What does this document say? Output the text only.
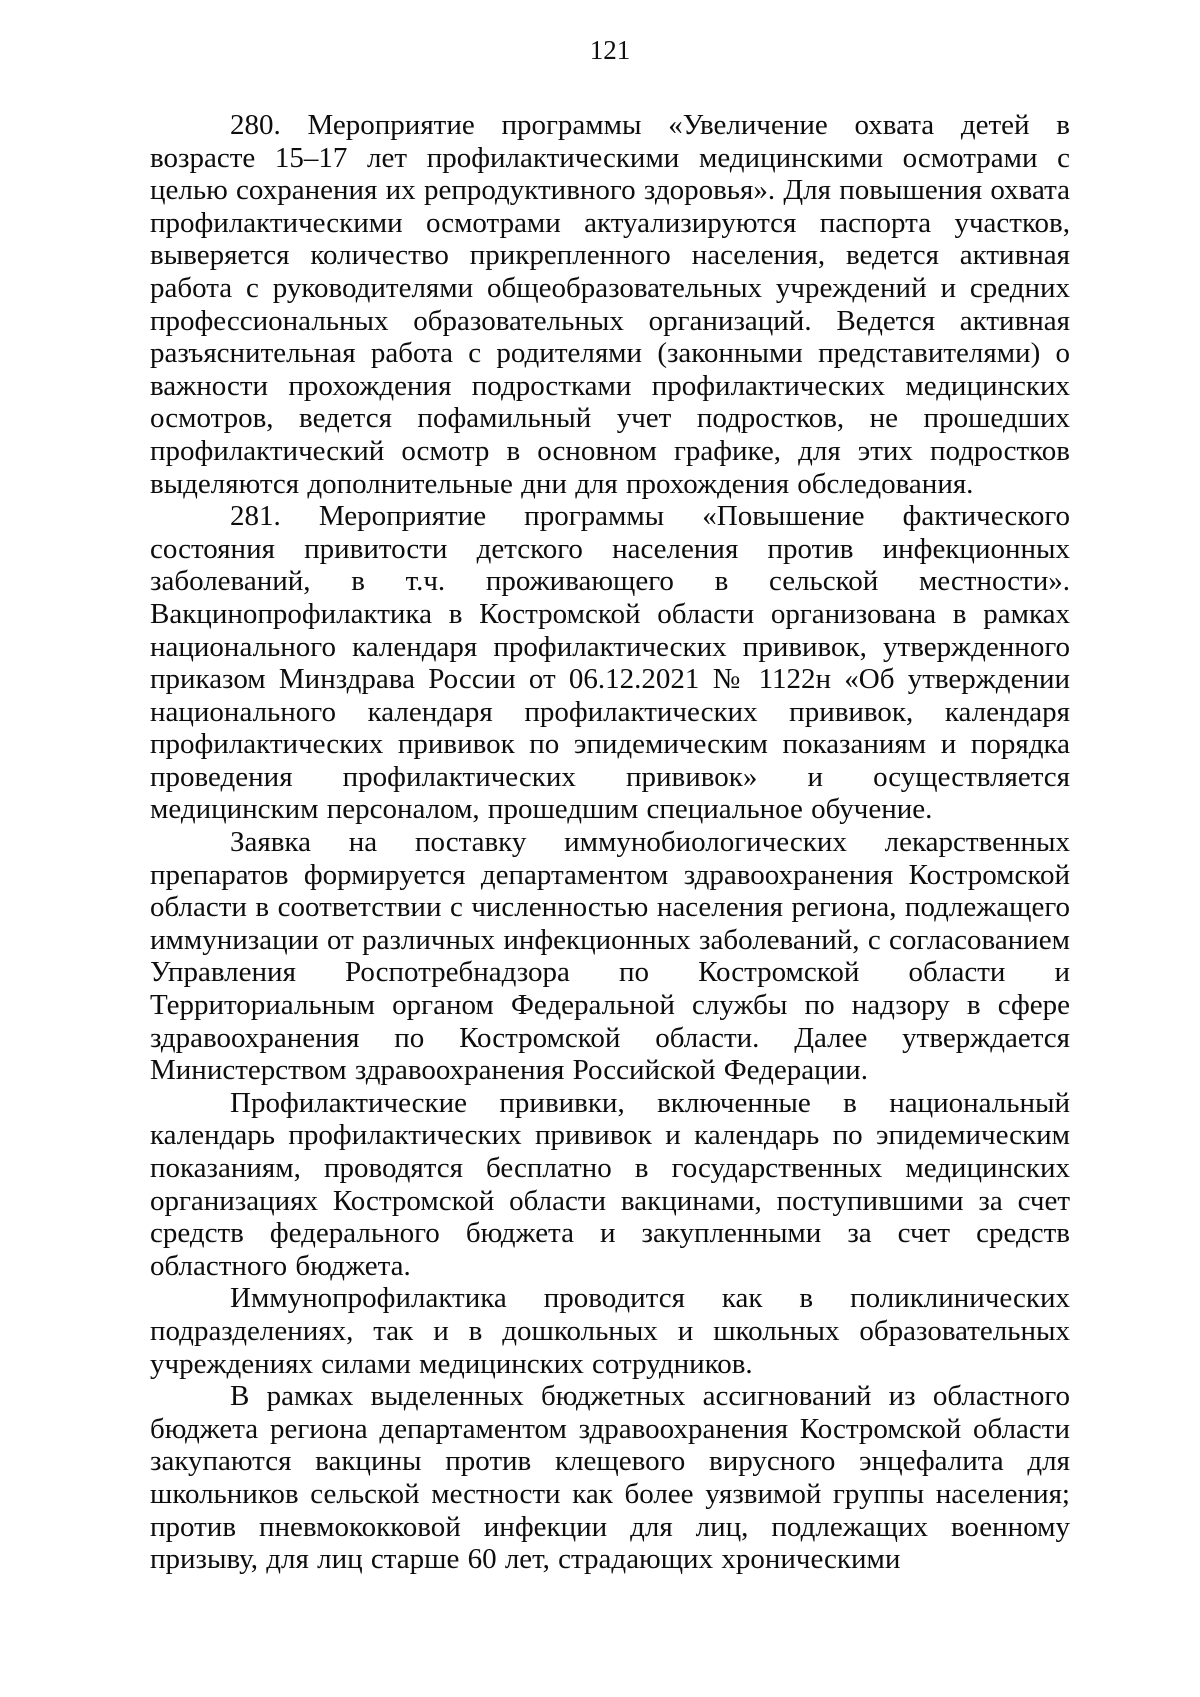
121

280. Мероприятие программы «Увеличение охвата детей в возрасте 15–17 лет профилактическими медицинскими осмотрами с целью сохранения их репродуктивного здоровья». Для повышения охвата профилактическими осмотрами актуализируются паспорта участков, выверяется количество прикрепленного населения, ведется активная работа с руководителями общеобразовательных учреждений и средних профессиональных образовательных организаций. Ведется активная разъяснительная работа с родителями (законными представителями) о важности прохождения подростками профилактических медицинских осмотров, ведется пофамильный учет подростков, не прошедших профилактический осмотр в основном графике, для этих подростков выделяются дополнительные дни для прохождения обследования.

281. Мероприятие программы «Повышение фактического состояния привитости детского населения против инфекционных заболеваний, в т.ч. проживающего в сельской местности». Вакцинопрофилактика в Костромской области организована в рамках национального календаря профилактических прививок, утвержденного приказом Минздрава России от 06.12.2021 № 1122н «Об утверждении национального календаря профилактических прививок, календаря профилактических прививок по эпидемическим показаниям и порядка проведения профилактических прививок» и осуществляется медицинским персоналом, прошедшим специальное обучение.

Заявка на поставку иммунобиологических лекарственных препаратов формируется департаментом здравоохранения Костромской области в соответствии с численностью населения региона, подлежащего иммунизации от различных инфекционных заболеваний, с согласованием Управления Роспотребнадзора по Костромской области и Территориальным органом Федеральной службы по надзору в сфере здравоохранения по Костромской области. Далее утверждается Министерством здравоохранения Российской Федерации.

Профилактические прививки, включенные в национальный календарь профилактических прививок и календарь по эпидемическим показаниям, проводятся бесплатно в государственных медицинских организациях Костромской области вакцинами, поступившими за счет средств федерального бюджета и закупленными за счет средств областного бюджета.

Иммунопрофилактика проводится как в поликлинических подразделениях, так и в дошкольных и школьных образовательных учреждениях силами медицинских сотрудников.

В рамках выделенных бюджетных ассигнований из областного бюджета региона департаментом здравоохранения Костромской области закупаются вакцины против клещевого вирусного энцефалита для школьников сельской местности как более уязвимой группы населения; против пневмококковой инфекции для лиц, подлежащих военному призыву, для лиц старше 60 лет, страдающих хроническими
